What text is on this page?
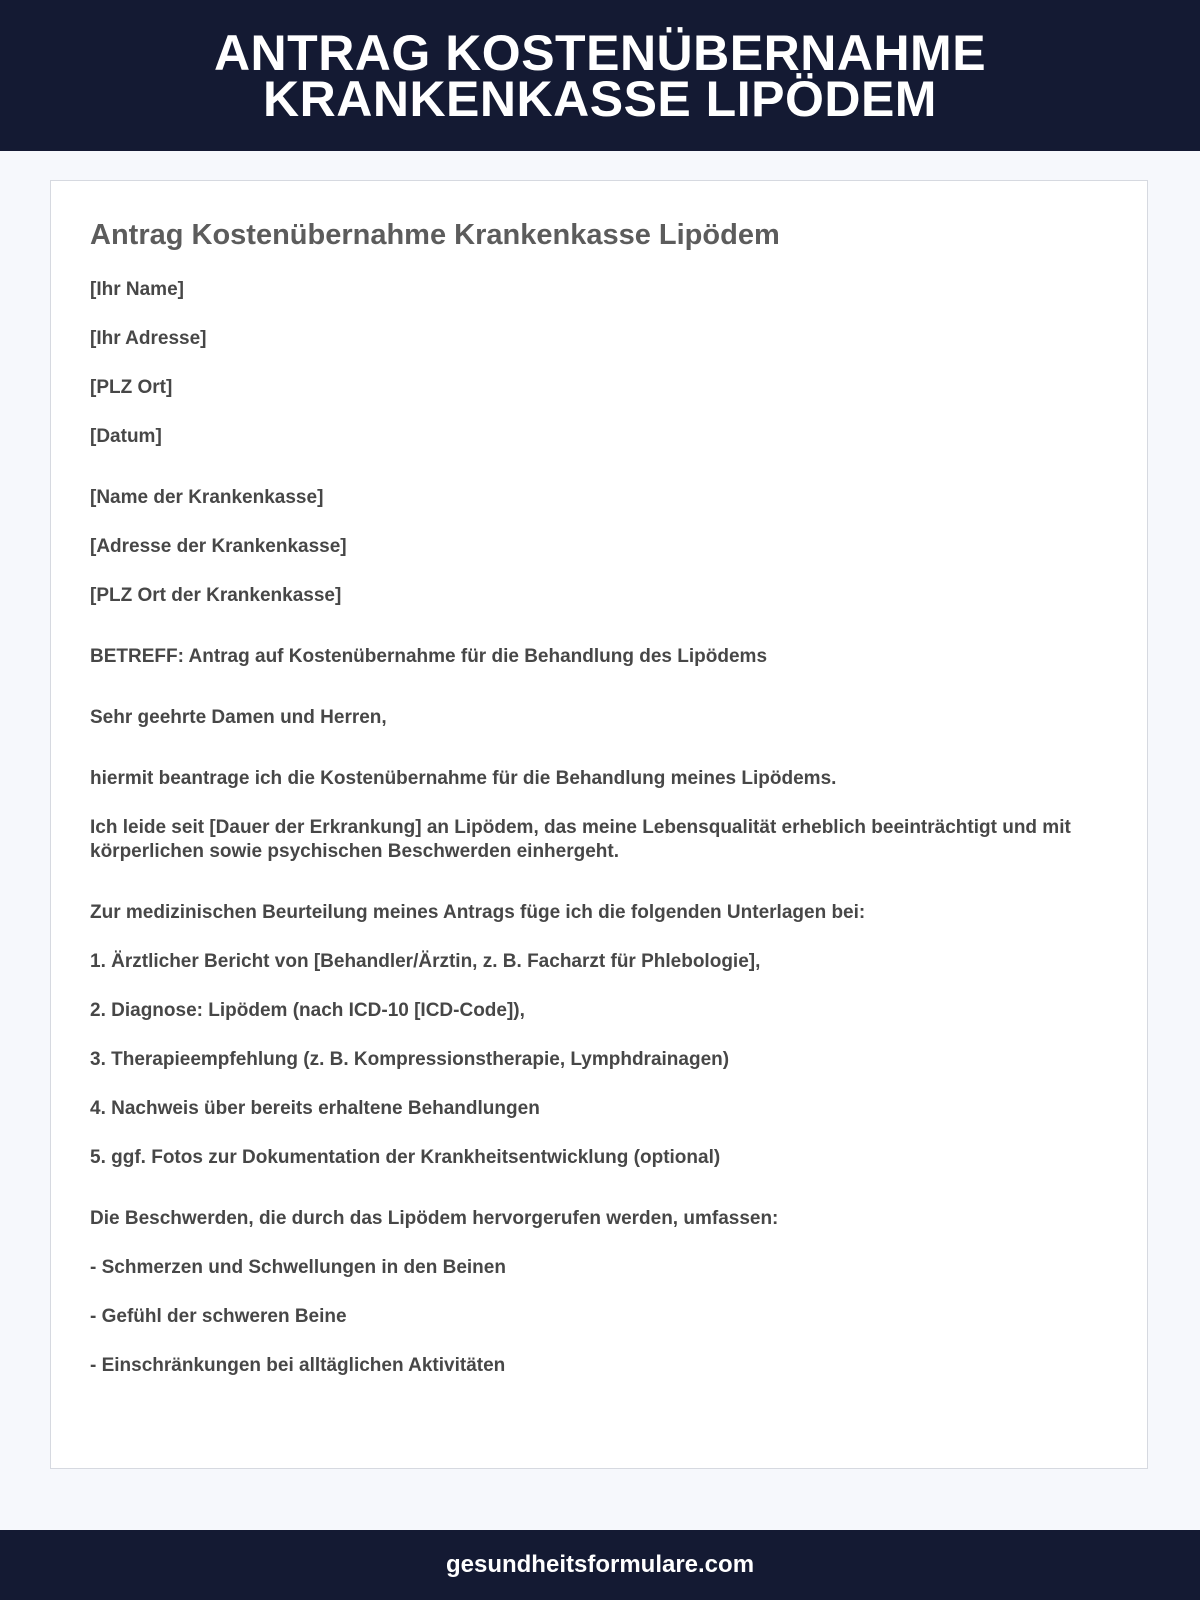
ANTRAG KOSTENÜBERNAHME
KRANKENKASSE LIPÖDEM
Antrag Kostenübernahme Krankenkasse Lipödem

[Ihr Name]

[Ihr Adresse]

[PLZ Ort]

[Datum]

[Name der Krankenkasse]

[Adresse der Krankenkasse]

[PLZ Ort der Krankenkasse]

BETREFF: Antrag auf Kostenübernahme für die Behandlung des Lipödems

Sehr geehrte Damen und Herren,

hiermit beantrage ich die Kostenübernahme für die Behandlung meines Lipödems.

Ich leide seit [Dauer der Erkrankung] an Lipödem, das meine Lebensqualität erheblich beeinträchtigt und mit körperlichen sowie psychischen Beschwerden einhergeht.

Zur medizinischen Beurteilung meines Antrags füge ich die folgenden Unterlagen bei:

1. Ärztlicher Bericht von [Behandler/Ärztin, z. B. Facharzt für Phlebologie],

2. Diagnose: Lipödem (nach ICD-10 [ICD-Code]),

3. Therapieempfehlung (z. B. Kompressionstherapie, Lymphdrainagen)

4. Nachweis über bereits erhaltene Behandlungen

5. ggf. Fotos zur Dokumentation der Krankheitsentwicklung (optional)

Die Beschwerden, die durch das Lipödem hervorgerufen werden, umfassen:

- Schmerzen und Schwellungen in den Beinen

- Gefühl der schweren Beine

- Einschränkungen bei alltäglichen Aktivitäten

gesundheitsformulare.com
